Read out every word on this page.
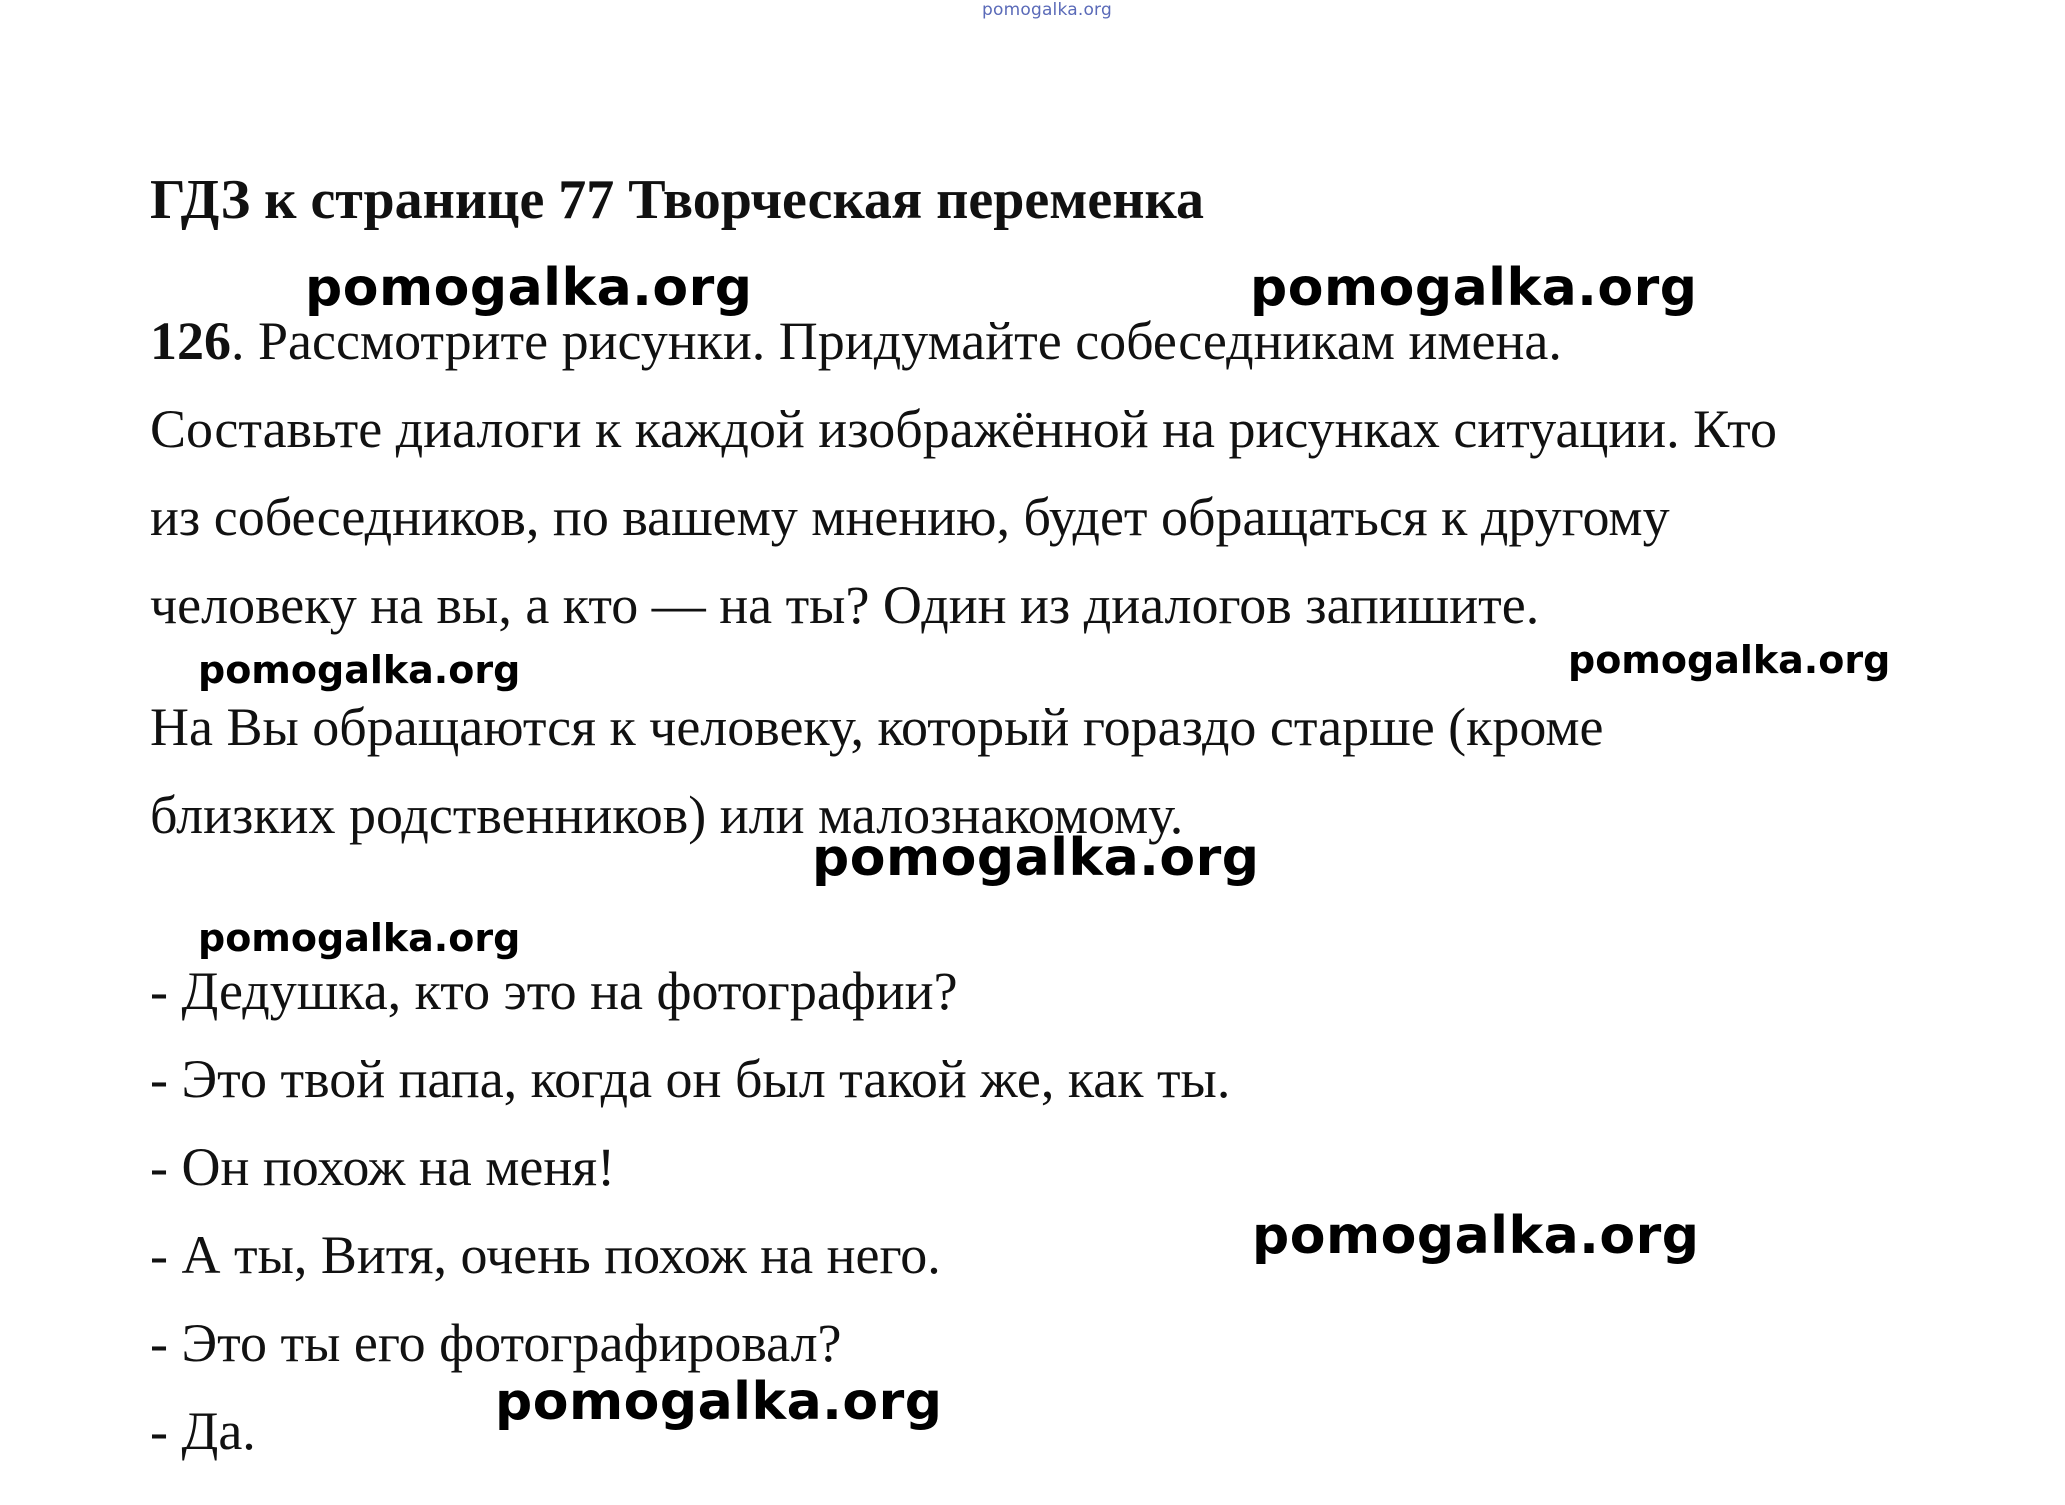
pomogalka.org
ГДЗ к странице 77 Творческая переменка
126. Рассмотрите рисунки. Придумайте собеседникам имена.
Составьте диалоги к каждой изображённой на рисунках ситуации. Кто
из собеседников, по вашему мнению, будет обращаться к другому
человеку на вы, а кто — на ты? Один из диалогов запишите.
На Вы обращаются к человеку, который гораздо старше (кроме
близких родственников) или малознакомому.
- Дедушка, кто это на фотографии?
- Это твой папа, когда он был такой же, как ты.
- Он похож на меня!
- А ты, Витя, очень похож на него.
- Это ты его фотографировал?
- Да.
pomogalka.org	pomogalka.org
pomogalka.org	pomogalka.org
pomogalka.org
pomogalka.org
pomogalka.org
pomogalka.org
